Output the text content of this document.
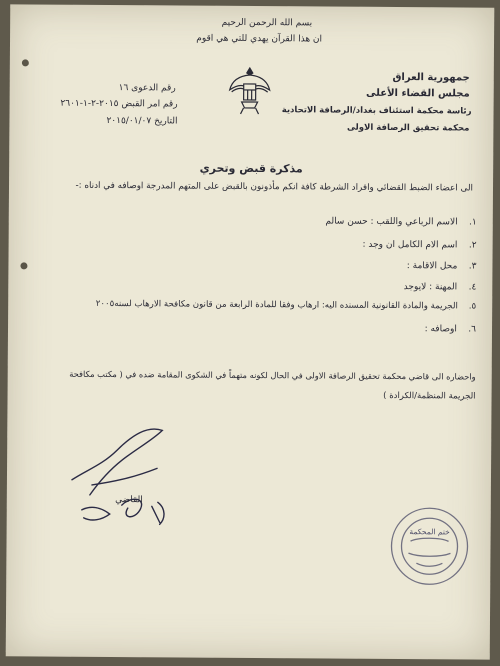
بسم الله الرحمن الرحيم
ان هذا القرآن يهدي للتي هي اقوم
جمهورية العراق
مجلس القضاء الأعلى
رئاسة محكمة استئناف بغداد/الرصافة الاتحادية
محكمة تحقيق الرصافة الاولى
رقم الدعوى ١٦
رقم امر القبض ٢٠١٥-٢-١-٢٦٠١
التاريخ ٢٠١٥/٠١/٠٧
مذكرة قبض وتحري
الى اعضاء الضبط القضائي وافراد الشرطة كافة انكم مأذونون بالقبض على المتهم المدرجة اوصافه في ادناه :-
١.    الاسم الرباعي واللقب : حسن سالم
٢.    اسم الام الكامل ان وجد :
٣.    محل الاقامة :
٤.    المهنة : لايوجد
٥.    الجريمة والمادة القانونية المسنده اليه: ارهاب وفقا للمادة الرابعة من قانون مكافحة الارهاب لسنه٢٠٠٥
٦.    اوصافه :
واحضاره الى قاضي محكمة تحقيق الرصافة الاولى في الحال لكونه متهماً في الشكوى المقامة ضده في ( مكتب مكافحة
الجريمة المنظمة/الكرادة )
القاضي
ختم المحكمة
